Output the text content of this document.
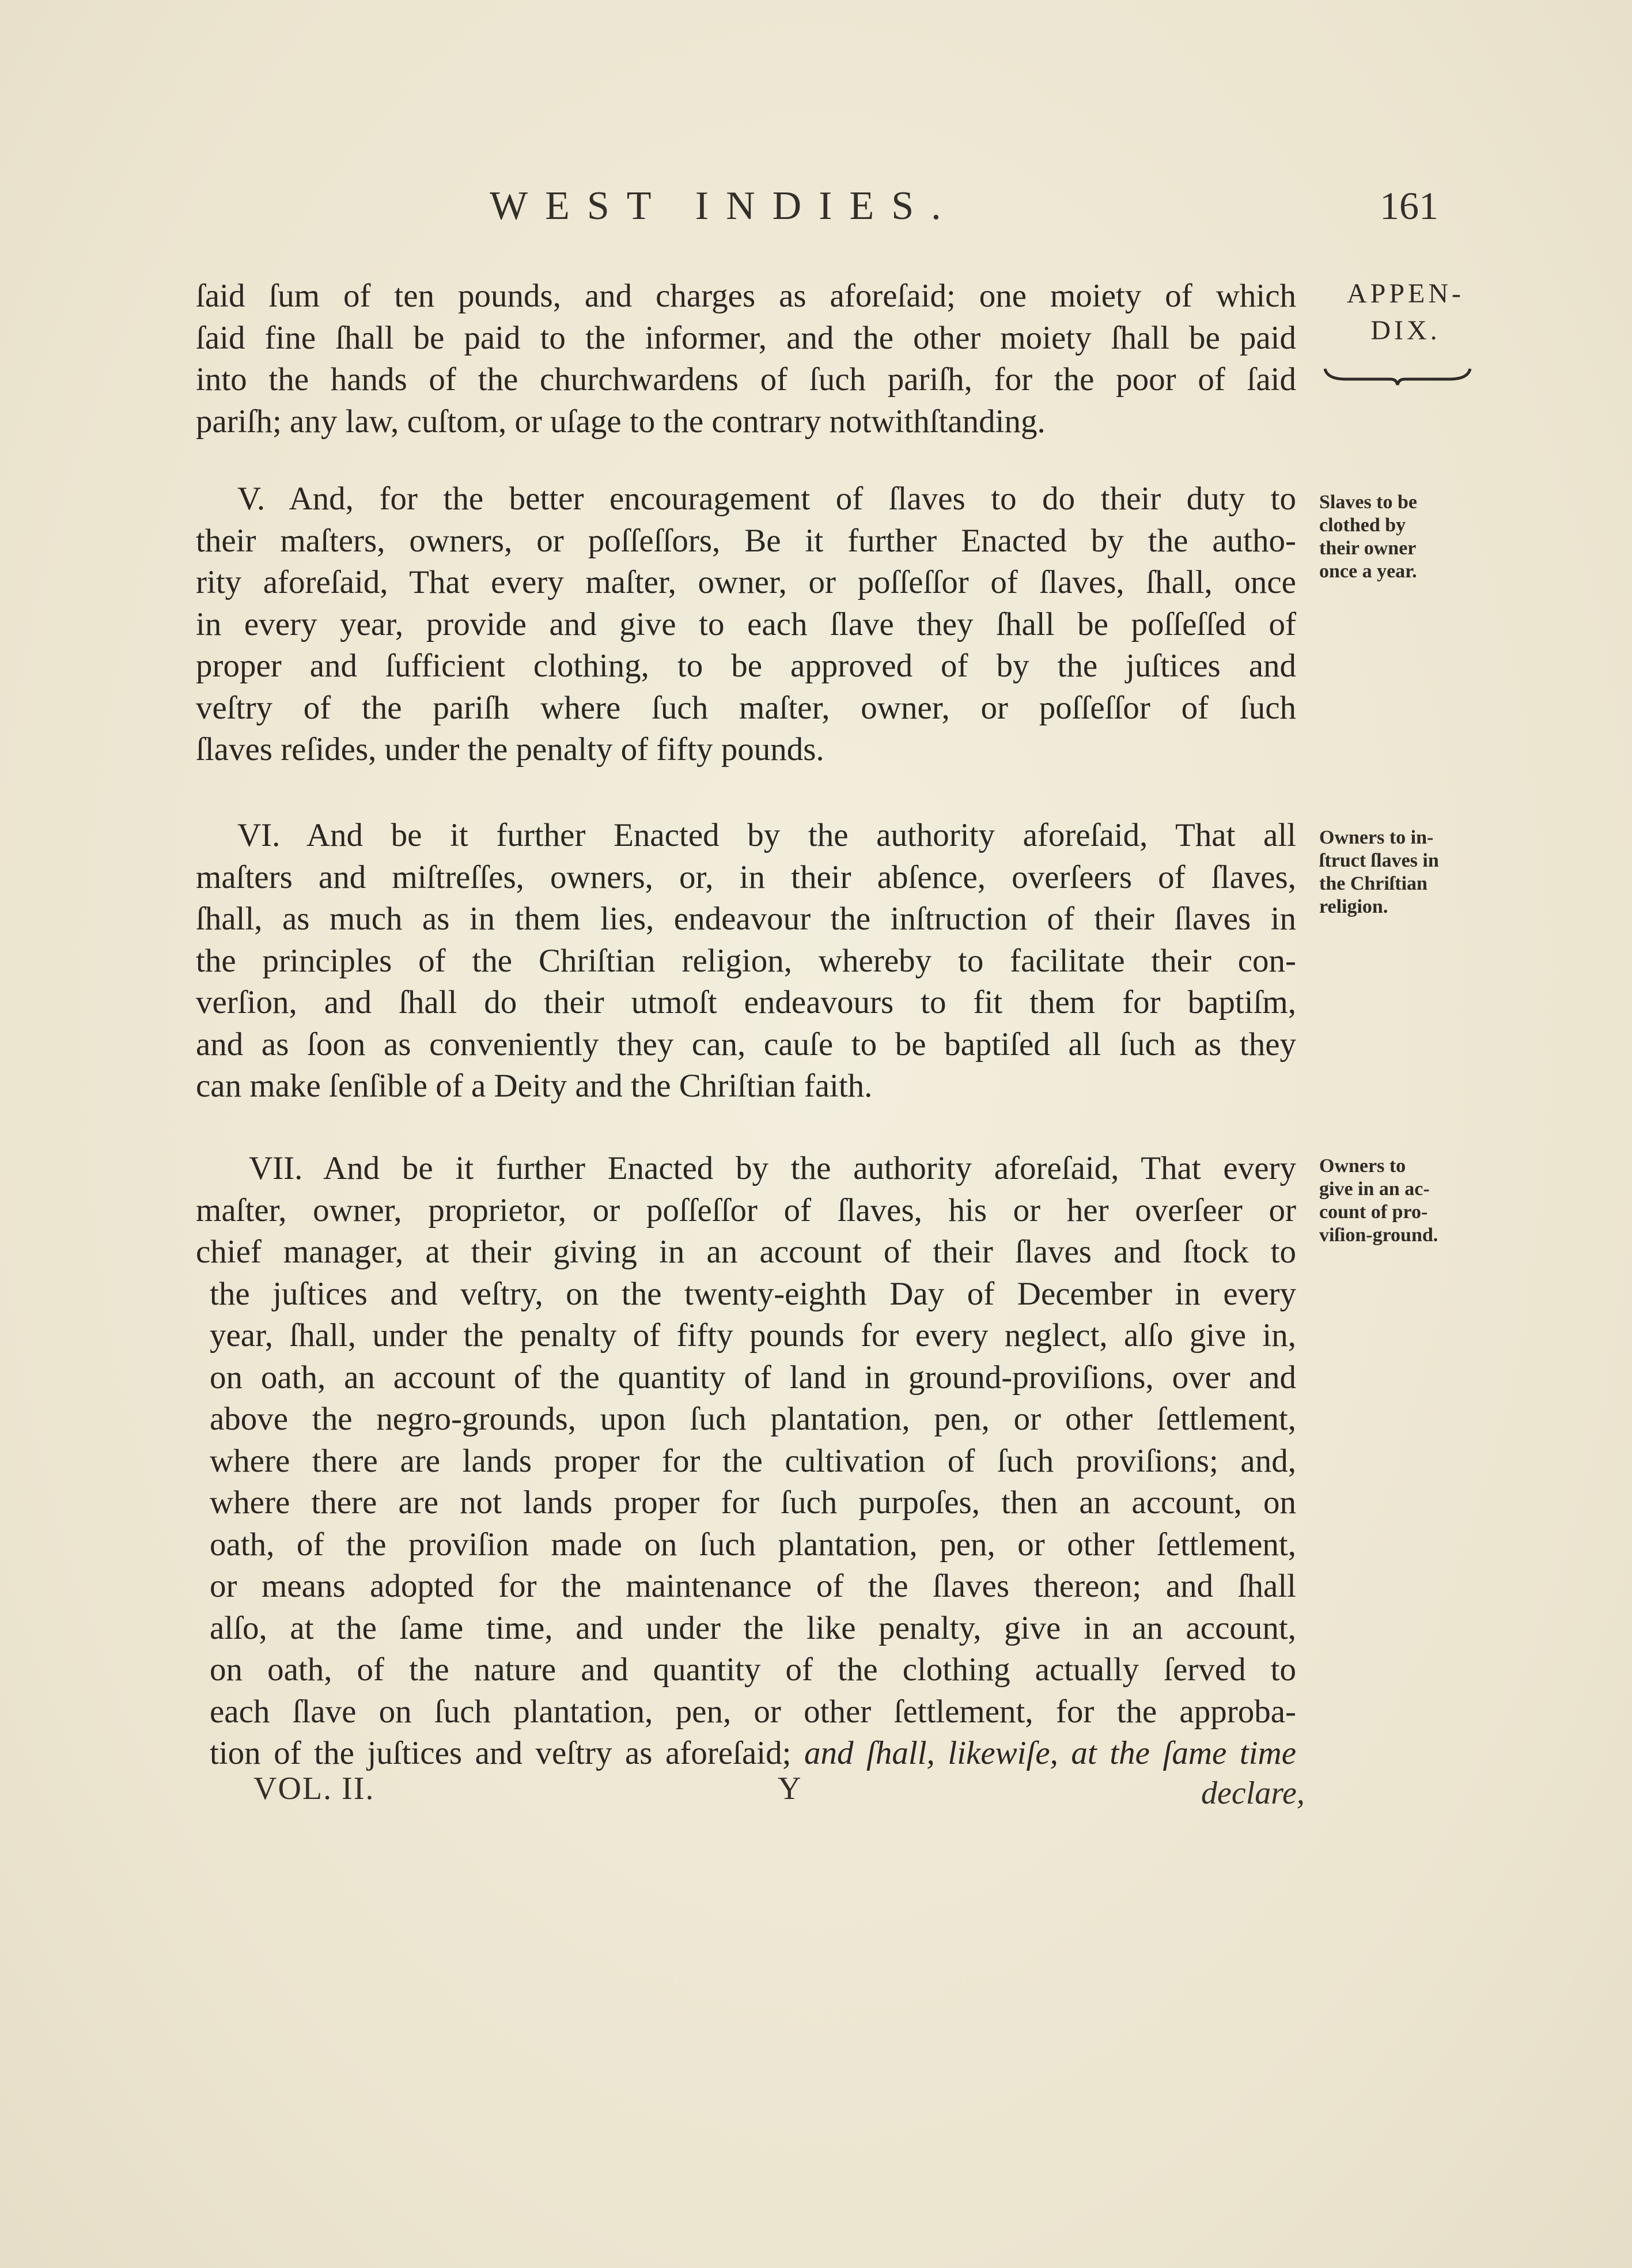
WEST INDIES.	161
APPEN-
DIX.
ſaid ſum of ten pounds, and charges as aforeſaid; one moiety of which
ſaid fine ſhall be paid to the informer, and the other moiety ſhall be paid
into the hands of the churchwardens of ſuch pariſh, for the poor of ſaid
pariſh; any law, cuſtom, or uſage to the contrary notwithſtanding.
V. And, for the better encouragement of ſlaves to do their duty to
their maſters, owners, or poſſeſſors, Be it further Enacted by the autho-
rity aforeſaid, That every maſter, owner, or poſſeſſor of ſlaves, ſhall, once
in every year, provide and give to each ſlave they ſhall be poſſeſſed of
proper and ſufficient clothing, to be approved of by the juſtices and
veſtry of the pariſh where ſuch maſter, owner, or poſſeſſor of ſuch
ſlaves reſides, under the penalty of fifty pounds.
Slaves to be
clothed by
their owner
once a year.
VI. And be it further Enacted by the authority aforeſaid, That all
maſters and miſtreſſes, owners, or, in their abſence, overſeers of ſlaves,
ſhall, as much as in them lies, endeavour the inſtruction of their ſlaves in
the principles of the Chriſtian religion, whereby to facilitate their con-
verſion, and ſhall do their utmoſt endeavours to fit them for baptiſm,
and as ſoon as conveniently they can, cauſe to be baptiſed all ſuch as they
can make ſenſible of a Deity and the Chriſtian faith.
Owners to in-
ſtruct ſlaves in
the Chriſtian
religion.
VII. And be it further Enacted by the authority aforeſaid, That every
maſter, owner, proprietor, or poſſeſſor of ſlaves, his or her overſeer or
chief manager, at their giving in an account of their ſlaves and ſtock to
the juſtices and veſtry, on the twenty-eighth Day of December in every
year, ſhall, under the penalty of fifty pounds for every neglect, alſo give in,
on oath, an account of the quantity of land in ground-proviſions, over and
above the negro-grounds, upon ſuch plantation, pen, or other ſettlement,
where there are lands proper for the cultivation of ſuch proviſions; and,
where there are not lands proper for ſuch purpoſes, then an account, on
oath, of the proviſion made on ſuch plantation, pen, or other ſettlement,
or means adopted for the maintenance of the ſlaves thereon; and ſhall
alſo, at the ſame time, and under the like penalty, give in an account,
on oath, of the nature and quantity of the clothing actually ſerved to
each ſlave on ſuch plantation, pen, or other ſettlement, for the approba-
tion of the juſtices and veſtry as aforeſaid; and ſhall, likewiſe, at the ſame time
Owners to
give in an ac-
count of pro-
viſion-ground.
VOL. II.	Y	declare,
